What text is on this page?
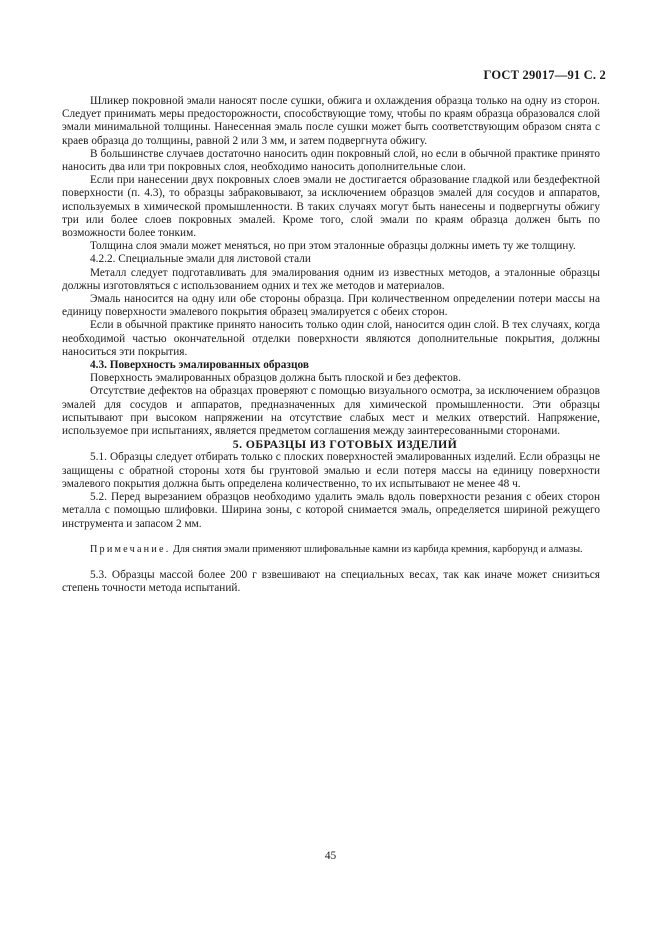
ГОСТ 29017—91 С. 2

Шликер покровной эмали наносят после сушки, обжига и охлаждения образца только на одну из сторон. Следует принимать меры предосторожности, способствующие тому, чтобы по краям образца образовался слой эмали минимальной толщины. Нанесенная эмаль после сушки может быть соответствующим образом снята с краев образца до толщины, равной 2 или 3 мм, и затем подвергнута обжигу.

В большинстве случаев достаточно наносить один покровный слой, но если в обычной практике принято наносить два или три покровных слоя, необходимо наносить дополнительные слои.

Если при нанесении двух покровных слоев эмали не достигается образование гладкой или бездефектной поверхности (п. 4.3), то образцы забраковывают, за исключением образцов эмалей для сосудов и аппаратов, используемых в химической промышленности. В таких случаях могут быть нанесены и подвергнуты обжигу три или более слоев покровных эмалей. Кроме того, слой эмали по краям образца должен быть по возможности более тонким.

Толщина слоя эмали может меняться, но при этом эталонные образцы должны иметь ту же толщину.

4.2.2. Специальные эмали для листовой стали

Металл следует подготавливать для эмалирования одним из известных методов, а эталонные образцы должны изготовляться с использованием одних и тех же методов и материалов.

Эмаль наносится на одну или обе стороны образца. При количественном определении потери массы на единицу поверхности эмалевого покрытия образец эмалируется с обеих сторон.

Если в обычной практике принято наносить только один слой, наносится один слой. В тех случаях, когда необходимой частью окончательной отделки поверхности являются дополнительные покрытия, должны наноситься эти покрытия.

4.3. Поверхность эмалированных образцов

Поверхность эмалированных образцов должна быть плоской и без дефектов.

Отсутствие дефектов на образцах проверяют с помощью визуального осмотра, за исключением образцов эмалей для сосудов и аппаратов, предназначенных для химической промышленности. Эти образцы испытывают при высоком напряжении на отсутствие слабых мест и мелких отверстий. Напряжение, используемое при испытаниях, является предметом соглашения между заинтересованными сторонами.

5. ОБРАЗЦЫ ИЗ ГОТОВЫХ ИЗДЕЛИЙ

5.1. Образцы следует отбирать только с плоских поверхностей эмалированных изделий. Если образцы не защищены с обратной стороны хотя бы грунтовой эмалью и если потеря массы на единицу поверхности эмалевого покрытия должна быть определена количественно, то их испытывают не менее 48 ч.

5.2. Перед вырезанием образцов необходимо удалить эмаль вдоль поверхности резания с обеих сторон металла с помощью шлифовки. Ширина зоны, с которой снимается эмаль, определяется шириной режущего инструмента и запасом 2 мм.

Примечание. Для снятия эмали применяют шлифовальные камни из карбида кремния, карборунд и алмазы.

5.3. Образцы массой более 200 г взвешивают на специальных весах, так как иначе может снизиться степень точности метода испытаний.

45
